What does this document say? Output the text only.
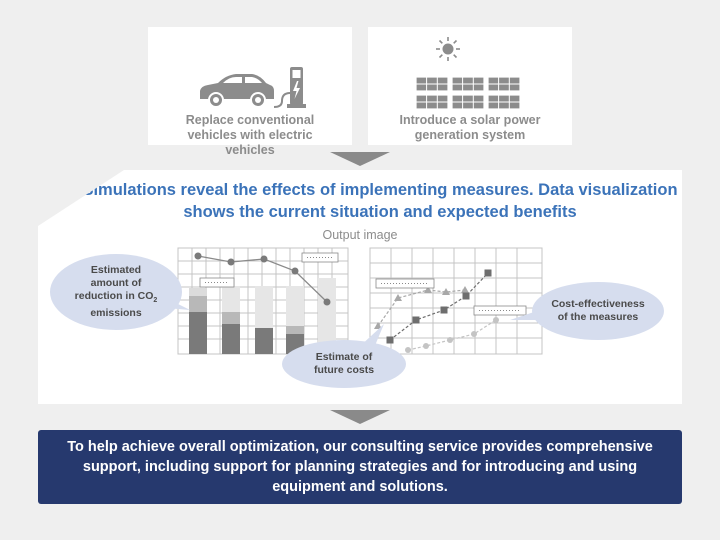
Replace conventional vehicles with electric vehicles
Introduce a solar power generation system
Simulations reveal the effects of implementing measures. Data visualization shows the current situation and expected benefits
Output image
Estimated
amount of
reduction in $CO_2$
emissions
Estimate of future costs
Cost-effectiveness of the measures
To help achieve overall optimization, our consulting service provides comprehensive support, including support for planning strategies and for introducing and using equipment and solutions.
